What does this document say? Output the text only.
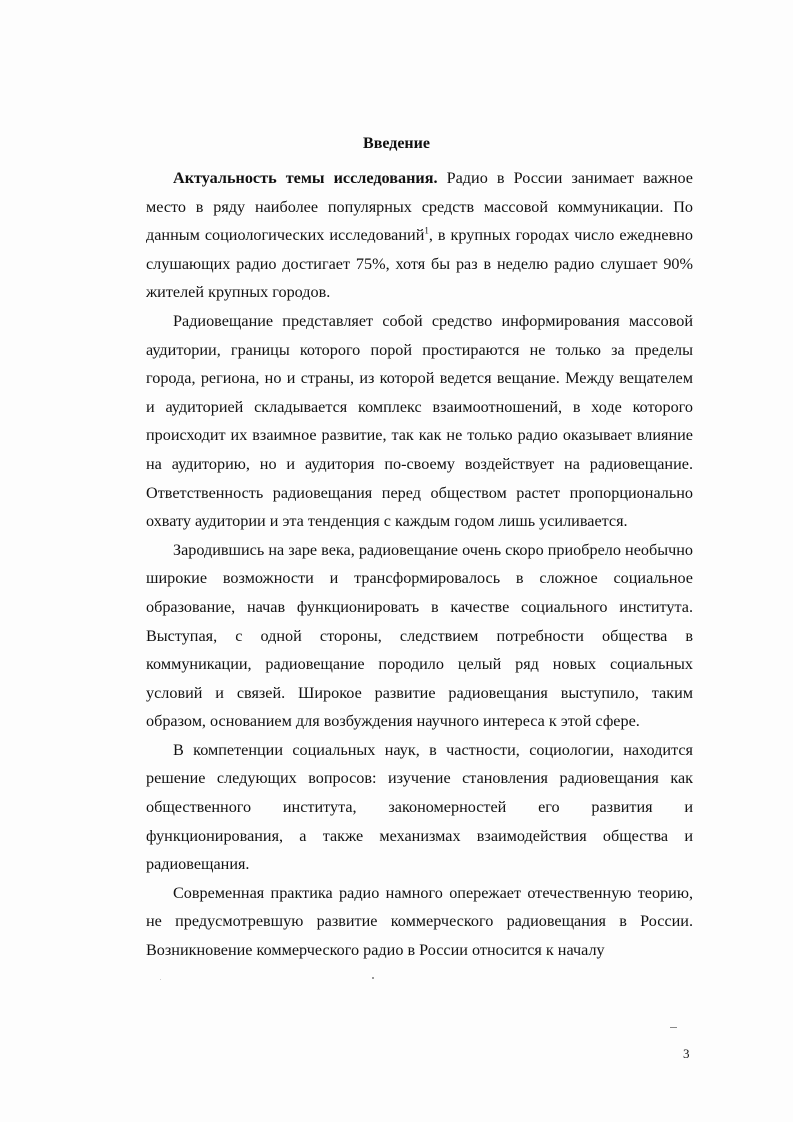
Введение

Актуальность темы исследования. Радио в России занимает важное место в ряду наиболее популярных средств массовой коммуникации. По данным социологических исследований$^1$, в крупных городах число ежедневно слушающих радио достигает 75%, хотя бы раз в неделю радио слушает 90% жителей крупных городов.

Радиовещание представляет собой средство информирования массовой аудитории, границы которого порой простираются не только за пределы города, региона, но и страны, из которой ведется вещание. Между вещателем и аудиторией складывается комплекс взаимоотношений, в ходе которого происходит их взаимное развитие, так как не только радио оказывает влияние на аудиторию, но и аудитория по-своему воздействует на радиовещание. Ответственность радиовещания перед обществом растет пропорционально охвату аудитории и эта тенденция с каждым годом лишь усиливается.

Зародившись на заре века, радиовещание очень скоро приобрело необычно широкие возможности и трансформировалось в сложное социальное образование, начав функционировать в качестве социального института. Выступая, с одной стороны, следствием потребности общества в коммуникации, радиовещание породило целый ряд новых социальных условий и связей. Широкое развитие радиовещания выступило, таким образом, основанием для возбуждения научного интереса к этой сфере.

В компетенции социальных наук, в частности, социологии, находится решение следующих вопросов: изучение становления радиовещания как общественного института, закономерностей его развития и функционирования, а также механизмах взаимодействия общества и радиовещания.

Современная практика радио намного опережает отечественную теорию, не предусмотревшую развитие коммерческого радиовещания в России. Возникновение коммерческого радио в России относится к началу

3
